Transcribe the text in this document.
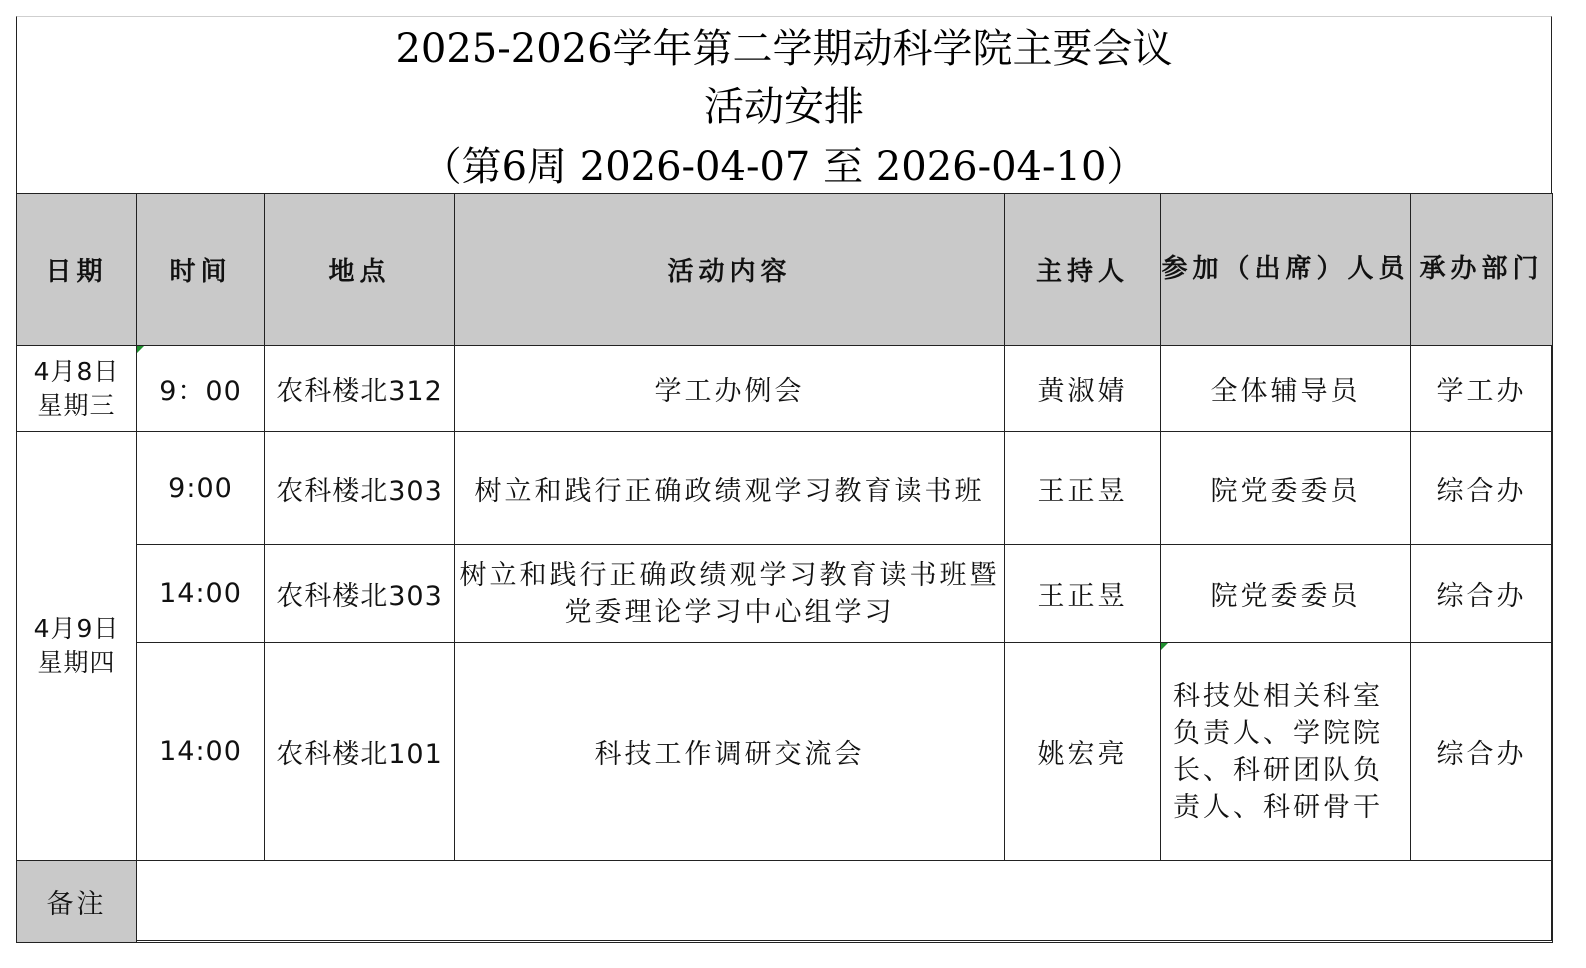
2025-2026学年第二学期动科学院主要会议
活动安排
（第6周 2026-04-07 至 2026-04-10）
日期	时间	地点	活动内容	主持人	参加（出席）人员	承办部门

4月8日
星期三	9：00	农科楼北312	学工办例会	黄淑婧	全体辅导员	学工办

4月9日
星期四	9:00	农科楼北303	树立和践行正确政绩观学习教育读书班	王正昱	院党委委员	综合办
	14:00	农科楼北303	树立和践行正确政绩观学习教育读书班暨党委理论学习中心组学习	王正昱	院党委委员	综合办
	14:00	农科楼北101	科技工作调研交流会	姚宏亮	科技处相关科室负责人、学院院长、科研团队负责人、科研骨干	综合办
备注						
